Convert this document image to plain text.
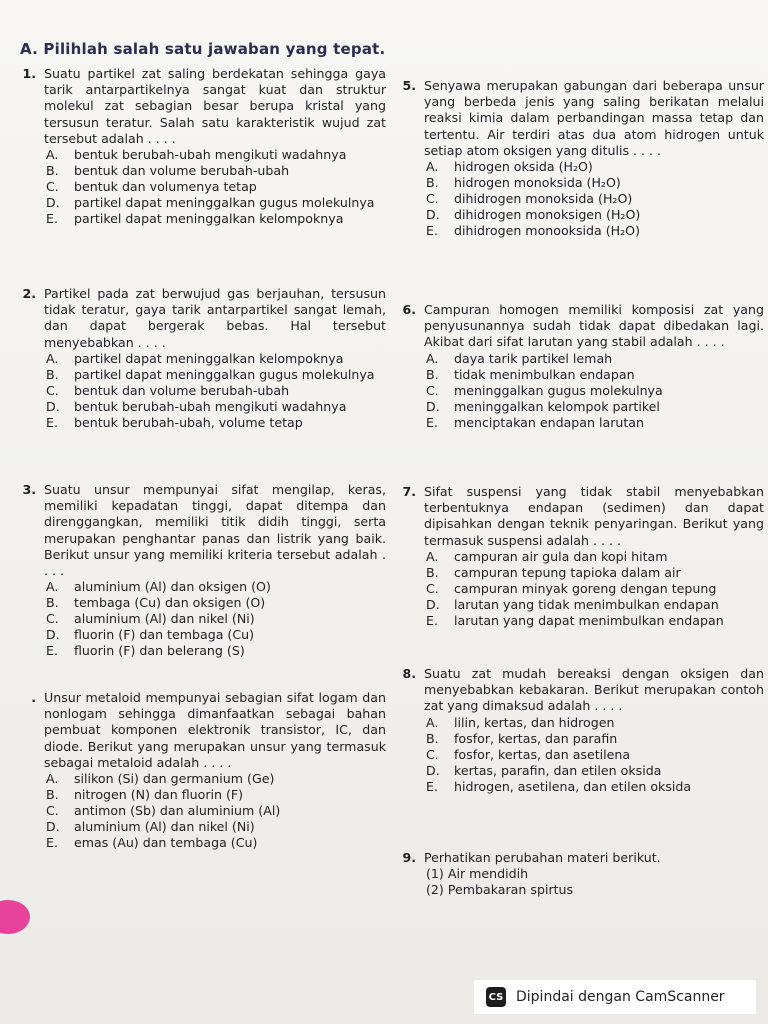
A. Pilihlah salah satu jawaban yang tepat.
1. Suatu partikel zat saling berdekatan sehingga gaya tarik antarpartikelnya sangat kuat dan struktur molekul zat sebagian besar berupa kristal yang tersusun teratur. Salah satu karakteristik wujud zat tersebut adalah . . . .
A.	bentuk berubah-ubah mengikuti wadahnya
B.	bentuk dan volume berubah-ubah
C.	bentuk dan volumenya tetap
D.	partikel dapat meninggalkan gugus molekulnya
E.	partikel dapat meninggalkan kelompoknya
2. Partikel pada zat berwujud gas berjauhan, tersusun tidak teratur, gaya tarik antarpartikel sangat lemah, dan dapat bergerak bebas. Hal tersebut menyebabkan . . . .
A.	partikel dapat meninggalkan kelompoknya
B.	partikel dapat meninggalkan gugus molekulnya
C.	bentuk dan volume berubah-ubah
D.	bentuk berubah-ubah mengikuti wadahnya
E.	bentuk berubah-ubah, volume tetap
3. Suatu unsur mempunyai sifat mengilap, keras, memiliki kepadatan tinggi, dapat ditempa dan direnggangkan, memiliki titik didih tinggi, serta merupakan penghantar panas dan listrik yang baik. Berikut unsur yang memiliki kriteria tersebut adalah . . . .
A.	aluminium (Al) dan oksigen (O)
B.	tembaga (Cu) dan oksigen (O)
C.	aluminium (Al) dan nikel (Ni)
D.	fluorin (F) dan tembaga (Cu)
E.	fluorin (F) dan belerang (S)
. Unsur metaloid mempunyai sebagian sifat logam dan nonlogam sehingga dimanfaatkan sebagai bahan pembuat komponen elektronik transistor, IC, dan diode. Berikut yang merupakan unsur yang termasuk sebagai metaloid adalah . . . .
A.	silikon (Si) dan germanium (Ge)
B.	nitrogen (N) dan fluorin (F)
C.	antimon (Sb) dan aluminium (Al)
D.	aluminium (Al) dan nikel (Ni)
E.	emas (Au) dan tembaga (Cu)
5. Senyawa merupakan gabungan dari beberapa unsur yang berbeda jenis yang saling berikatan melalui reaksi kimia dalam perbandingan massa tetap dan tertentu. Air terdiri atas dua atom hidrogen untuk setiap atom oksigen yang ditulis . . . .
A.	hidrogen oksida (H₂O)
B.	hidrogen monoksida (H₂O)
C.	dihidrogen monoksida (H₂O)
D.	dihidrogen monoksigen (H₂O)
E.	dihidrogen monooksida (H₂O)
6. Campuran homogen memiliki komposisi zat yang penyusunannya sudah tidak dapat dibedakan lagi. Akibat dari sifat larutan yang stabil adalah . . . .
A.	daya tarik partikel lemah
B.	tidak menimbulkan endapan
C.	meninggalkan gugus molekulnya
D.	meninggalkan kelompok partikel
E.	menciptakan endapan larutan
7. Sifat suspensi yang tidak stabil menyebabkan terbentuknya endapan (sedimen) dan dapat dipisahkan dengan teknik penyaringan. Berikut yang termasuk suspensi adalah . . . .
A.	campuran air gula dan kopi hitam
B.	campuran tepung tapioka dalam air
C.	campuran minyak goreng dengan tepung
D.	larutan yang tidak menimbulkan endapan
E.	larutan yang dapat menimbulkan endapan
8. Suatu zat mudah bereaksi dengan oksigen dan menyebabkan kebakaran. Berikut merupakan contoh zat yang dimaksud adalah . . . .
A.	lilin, kertas, dan hidrogen
B.	fosfor, kertas, dan parafin
C.	fosfor, kertas, dan asetilena
D.	kertas, parafin, dan etilen oksida
E.	hidrogen, asetilena, dan etilen oksida
9. Perhatikan perubahan materi berikut.
(1) Air mendidih
(2) Pembakaran spirtus
CS Dipindai dengan CamScanner
